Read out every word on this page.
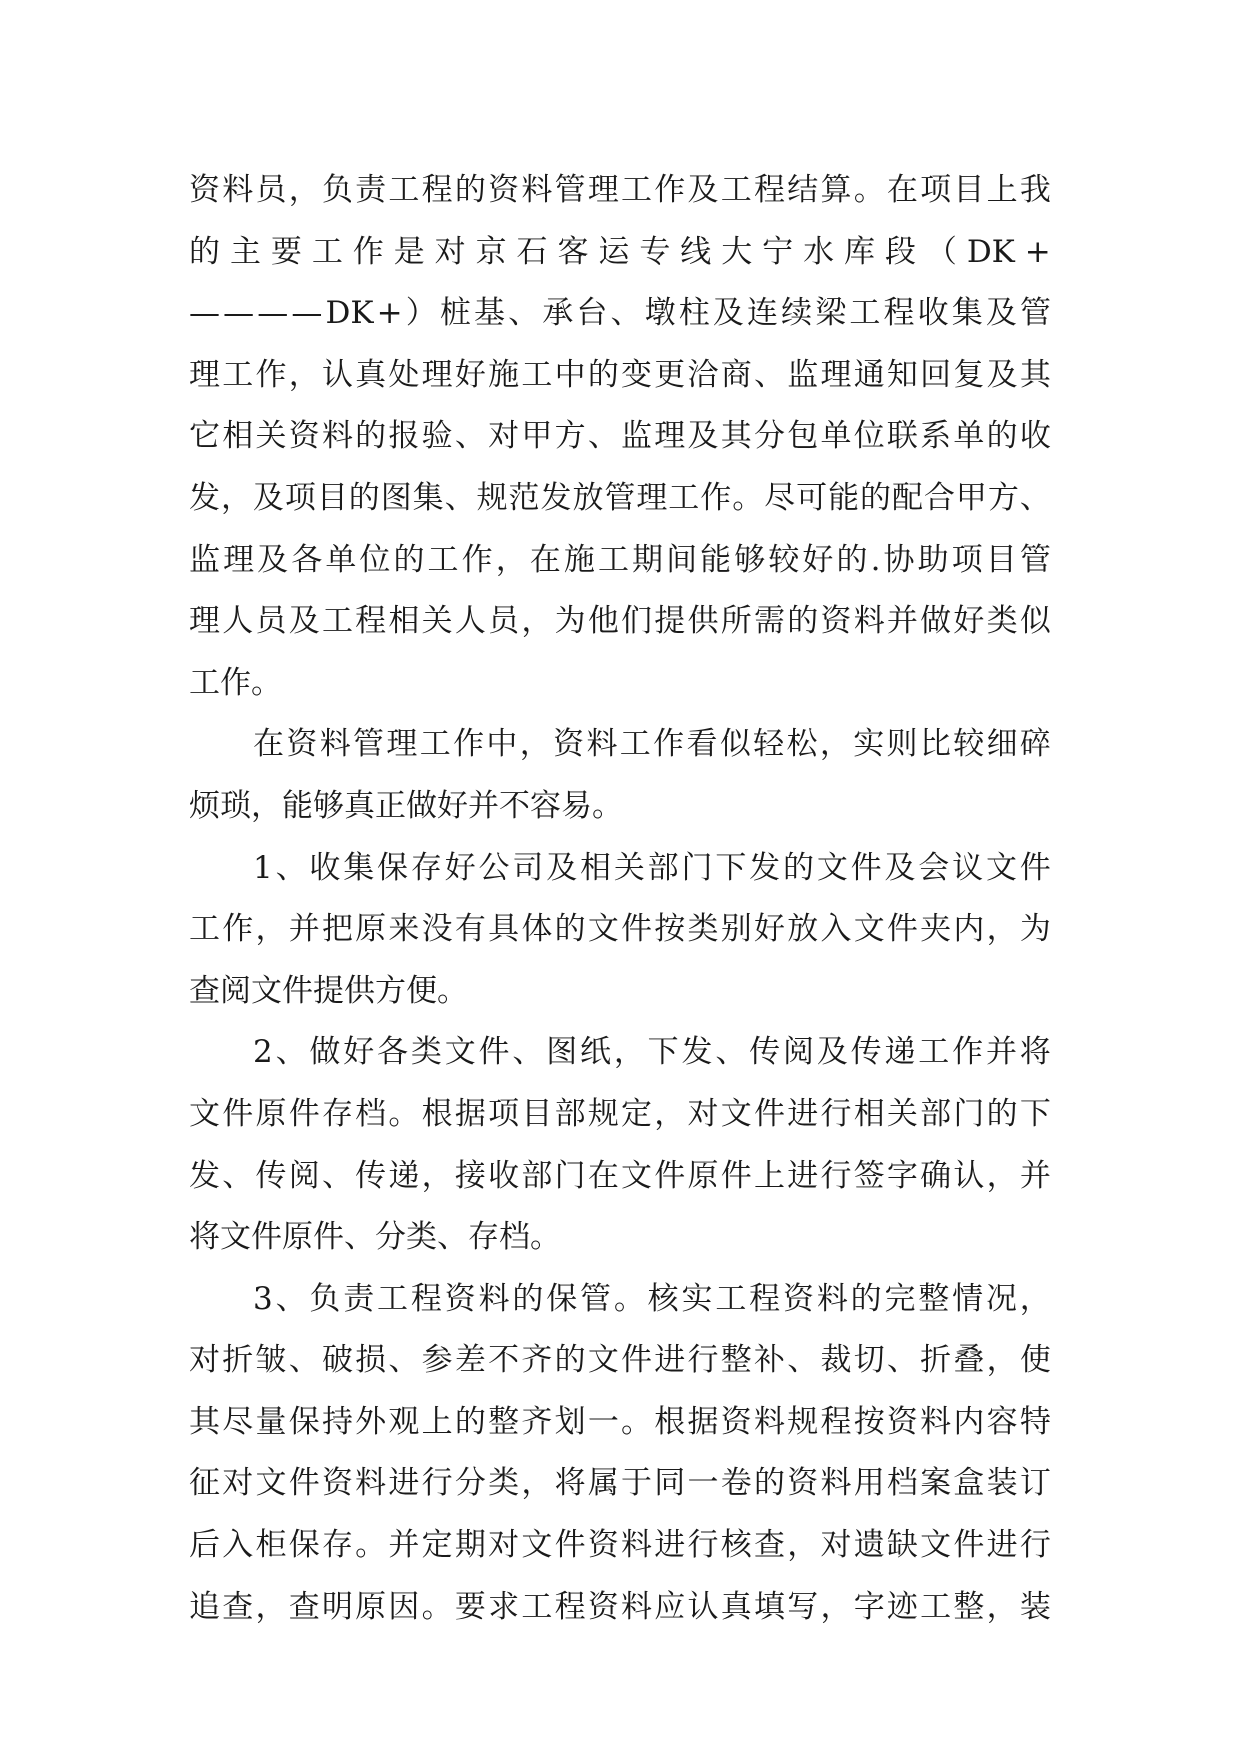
资 料 员 ， 负 责 工 程 的 资 料 管 理 工 作 及 工 程 结 算 。 在 项 目 上 我
的 主 要 工 作 是 对 京 石 客 运 专 线 大 宁 水 库 段 （ DK +
— — — — DK + ） 桩 基 、 承 台 、 墩 柱 及 连 续 梁 工 程 收 集 及 管
理 工 作 ， 认 真 处 理 好 施 工 中 的 变 更 洽 商 、 监 理 通 知 回 复 及 其
它 相 关 资 料 的 报 验 、 对 甲 方 、 监 理 及 其 分 包 单 位 联 系 单 的 收
发 ， 及 项 目 的 图 集 、 规 范 发 放 管 理 工 作 。 尽 可 能 的 配 合 甲 方 、
监 理 及 各 单 位 的 工 作 ， 在 施 工 期 间 能 够 较 好 的 . 协 助 项 目 管
理 人 员 及 工 程 相 关 人 员 ， 为 他 们 提 供 所 需 的 资 料 并 做 好 类 似
工作。
在 资 料 管 理 工 作 中 ， 资 料 工 作 看 似 轻 松 ， 实 则 比 较 细 碎
烦琐，能够真正做好并不容易。
1 、 收 集 保 存 好 公 司 及 相 关 部 门 下 发 的 文 件 及 会 议 文 件
工 作 ， 并 把 原 来 没 有 具 体 的 文 件 按 类 别 好 放 入 文 件 夹 内 ， 为
查阅文件提供方便。
2 、 做 好 各 类 文 件 、 图 纸 ， 下 发 、 传 阅 及 传 递 工 作 并 将
文 件 原 件 存 档 。 根 据 项 目 部 规 定 ， 对 文 件 进 行 相 关 部 门 的 下
发 、 传 阅 、 传 递 ， 接 收 部 门 在 文 件 原 件 上 进 行 签 字 确 认 ， 并
将文件原件、分类、存档。
3 、 负 责 工 程 资 料 的 保 管 。 核 实 工 程 资 料 的 完 整 情 况 ，
对 折 皱 、 破 损 、 参 差 不 齐 的 文 件 进 行 整 补 、 裁 切 、 折 叠 ， 使
其 尽 量 保 持 外 观 上 的 整 齐 划 一 。 根 据 资 料 规 程 按 资 料 内 容 特
征 对 文 件 资 料 进 行 分 类 ， 将 属 于 同 一 卷 的 资 料 用 档 案 盒 装 订
后 入 柜 保 存 。 并 定 期 对 文 件 资 料 进 行 核 查 ， 对 遗 缺 文 件 进 行
追 查 ， 查 明 原 因 。 要 求 工 程 资 料 应 认 真 填 写 ， 字 迹 工 整 ， 装
